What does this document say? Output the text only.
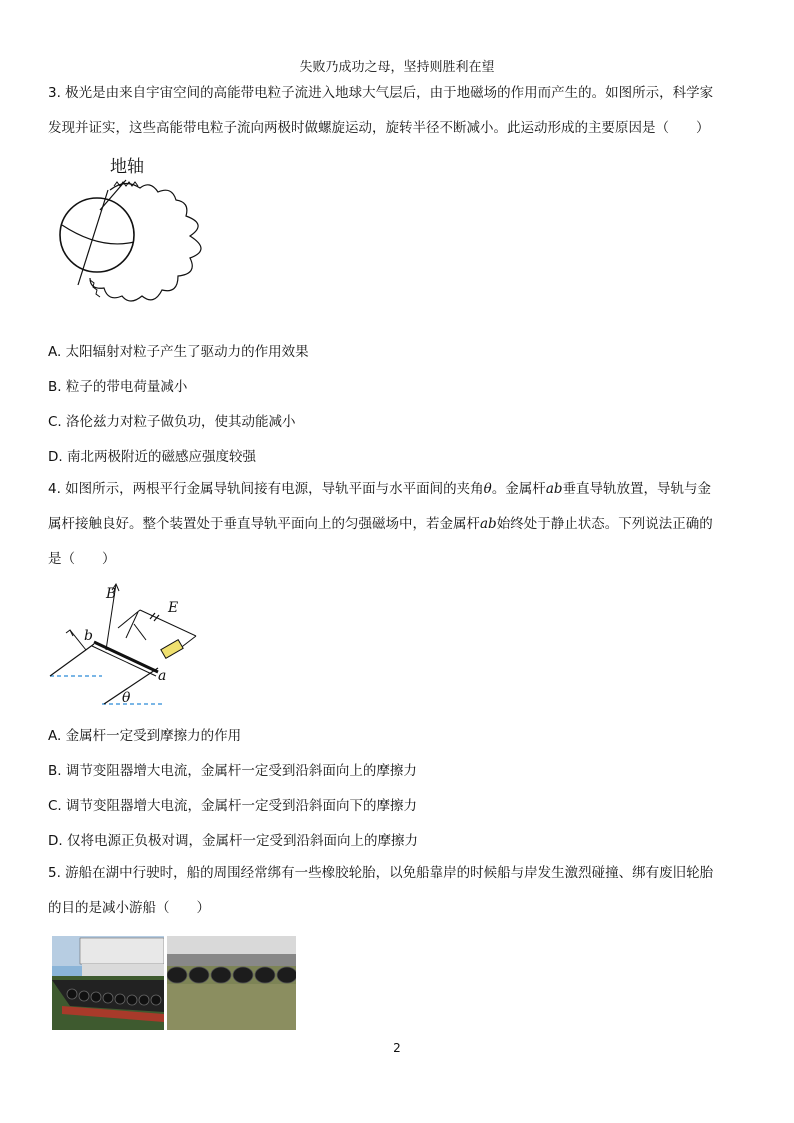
失败乃成功之母，坚持则胜利在望
3. 极光是由来自宇宙空间的高能带电粒子流进入地球大气层后，由于地磁场的作用而产生的。如图所示，科学家
发现并证实，这些高能带电粒子流向两极时做螺旋运动，旋转半径不断减小。此运动形成的主要原因是（　　）
地轴
A. 太阳辐射对粒子产生了驱动力的作用效果
B. 粒子的带电荷量减小
C. 洛伦兹力对粒子做负功，使其动能减小
D. 南北两极附近的磁感应强度较强
4. 如图所示，两根平行金属导轨间接有电源，导轨平面与水平面间的夹角θ。金属杆ab垂直导轨放置，导轨与金
属杆接触良好。整个装置处于垂直导轨平面向上的匀强磁场中，若金属杆ab始终处于静止状态。下列说法正确的
是（　　）
B
E
b
a
θ
A. 金属杆一定受到摩擦力的作用
B. 调节变阻器增大电流，金属杆一定受到沿斜面向上的摩擦力
C. 调节变阻器增大电流，金属杆一定受到沿斜面向下的摩擦力
D. 仅将电源正负极对调，金属杆一定受到沿斜面向上的摩擦力
5. 游船在湖中行驶时，船的周围经常绑有一些橡胶轮胎，以免船靠岸的时候船与岸发生激烈碰撞、绑有废旧轮胎
的目的是减小游船（　　）
2
